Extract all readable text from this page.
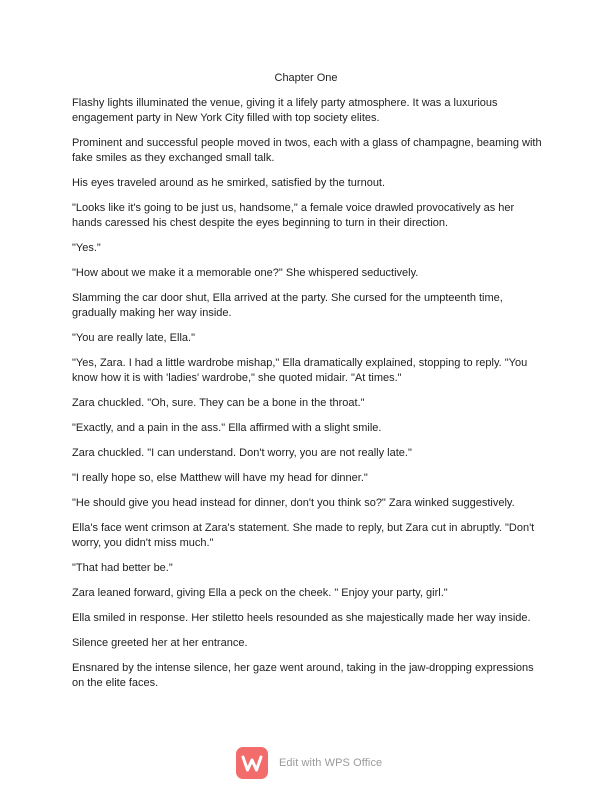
Chapter One

Flashy lights illuminated the venue, giving it a lifely party atmosphere. It was a luxurious engagement party in New York City filled with top society elites.

Prominent and successful people moved in twos, each with a glass of champagne, beaming with fake smiles as they exchanged small talk.

His eyes traveled around as he smirked, satisfied by the turnout.

"Looks like it's going to be just us, handsome," a female voice drawled provocatively as her hands caressed his chest despite the eyes beginning to turn in their direction.

"Yes."

"How about we make it a memorable one?" She whispered seductively.

Slamming the car door shut, Ella arrived at the party. She cursed for the umpteenth time, gradually making her way inside.

"You are really late, Ella."

"Yes, Zara. I had a little wardrobe mishap," Ella dramatically explained, stopping to reply. "You know how it is with 'ladies' wardrobe," she quoted midair. "At times."

Zara chuckled. "Oh, sure. They can be a bone in the throat."

"Exactly, and a pain in the ass." Ella affirmed with a slight smile.

Zara chuckled. "I can understand. Don't worry, you are not really late."

"I really hope so, else Matthew will have my head for dinner."

"He should give you head instead for dinner, don't you think so?" Zara winked suggestively.

Ella's face went crimson at Zara's statement. She made to reply, but Zara cut in abruptly. "Don't worry, you didn't miss much."

"That had better be."

Zara leaned forward, giving Ella a peck on the cheek. " Enjoy your party, girl."

Ella smiled in response. Her stiletto heels resounded as she majestically made her way inside.

Silence greeted her at her entrance.

Ensnared by the intense silence, her gaze went around, taking in the jaw-dropping expressions on the elite faces.

Edit with WPS Office
